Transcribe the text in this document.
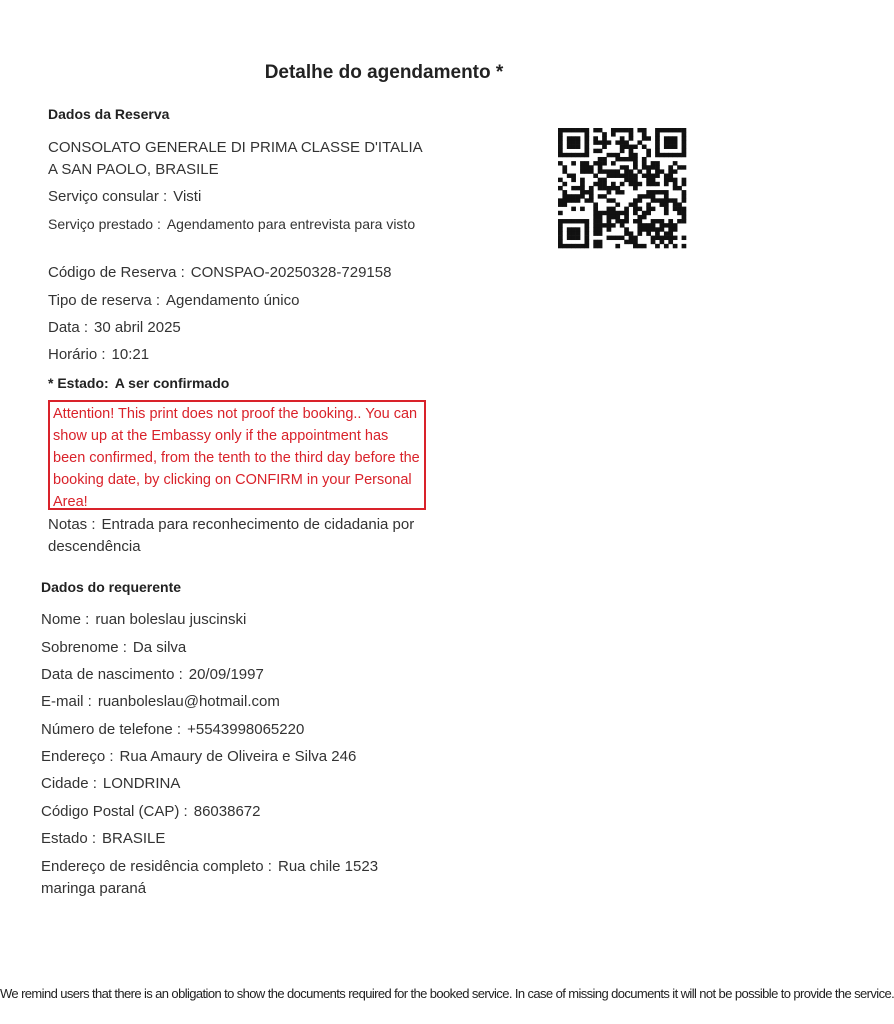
Detalhe do agendamento *
Dados da Reserva
CONSOLATO GENERALE DI PRIMA CLASSE D'ITALIA A SAN PAOLO, BRASILE
Serviço consular : Visti
Serviço prestado : Agendamento para entrevista para visto
Código de Reserva : CONSPAO-20250328-729158
Tipo de reserva : Agendamento único
Data : 30 abril 2025
Horário : 10:21
* Estado: A ser confirmado
Attention! This print does not proof the booking.. You can show up at the Embassy only if the appointment has been confirmed, from the tenth to the third day before the booking date, by clicking on CONFIRM in your Personal Area!
Notas : Entrada para reconhecimento de cidadania por descendência
Dados do requerente
Nome : ruan boleslau juscinski
Sobrenome : Da silva
Data de nascimento : 20/09/1997
E-mail : ruanboleslau@hotmail.com
Número de telefone : +5543998065220
Endereço : Rua Amaury de Oliveira e Silva 246
Cidade : LONDRINA
Código Postal (CAP) : 86038672
Estado : BRASILE
Endereço de residência completo : Rua chile 1523 maringa paraná
We remind users that there is an obligation to show the documents required for the booked service. In case of missing documents it will not be possible to provide the service.
